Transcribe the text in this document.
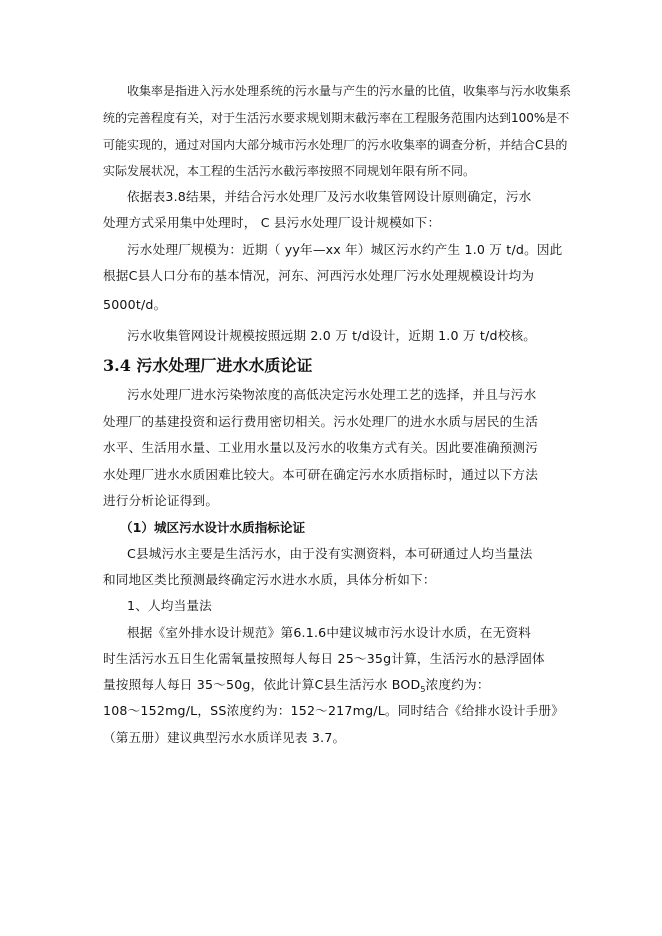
收集率是指进入污水处理系统的污水量与产生的污水量的比值，收集率与污水收集系
统的完善程度有关，对于生活污水要求规划期末截污率在工程服务范围内达到100%是不
可能实现的，通过对国内大部分城市污水处理厂的污水收集率的调查分析，并结合C县的
实际发展状况，本工程的生活污水截污率按照不同规划年限有所不同。
依据表3.8结果，并结合污水处理厂及污水收集管网设计原则确定，污水
处理方式采用集中处理时， C 县污水处理厂设计规模如下：
污水处理厂规模为：近期（ yy年—xx 年）城区污水约产生 1.0 万 t/d。因此
根据C县人口分布的基本情况，河东、河西污水处理厂污水处理规模设计均为
5000t/d。
污水收集管网设计规模按照远期 2.0 万 t/d设计，近期 1.0 万 t/d校核。
3.4 污水处理厂进水水质论证
污水处理厂进水污染物浓度的高低决定污水处理工艺的选择，并且与污水
处理厂的基建投资和运行费用密切相关。污水处理厂的进水水质与居民的生活
水平、生活用水量、工业用水量以及污水的收集方式有关。因此要准确预测污
水处理厂进水水质困难比较大。本可研在确定污水水质指标时，通过以下方法
进行分析论证得到。
（1）城区污水设计水质指标论证
C县城污水主要是生活污水，由于没有实测资料，本可研通过人均当量法
和同地区类比预测最终确定污水进水水质，具体分析如下：
1、人均当量法
根据《室外排水设计规范》第6.1.6中建议城市污水设计水质，在无资料
时生活污水五日生化需氧量按照每人每日 25～35g计算，生活污水的悬浮固体
量按照每人每日 35～50g，依此计算C县生活污水 $BOD_5$浓度约为：
108～152mg/L，SS浓度约为：152～217mg/L。同时结合《给排水设计手册》
（第五册）建议典型污水水质详见表 3.7。
